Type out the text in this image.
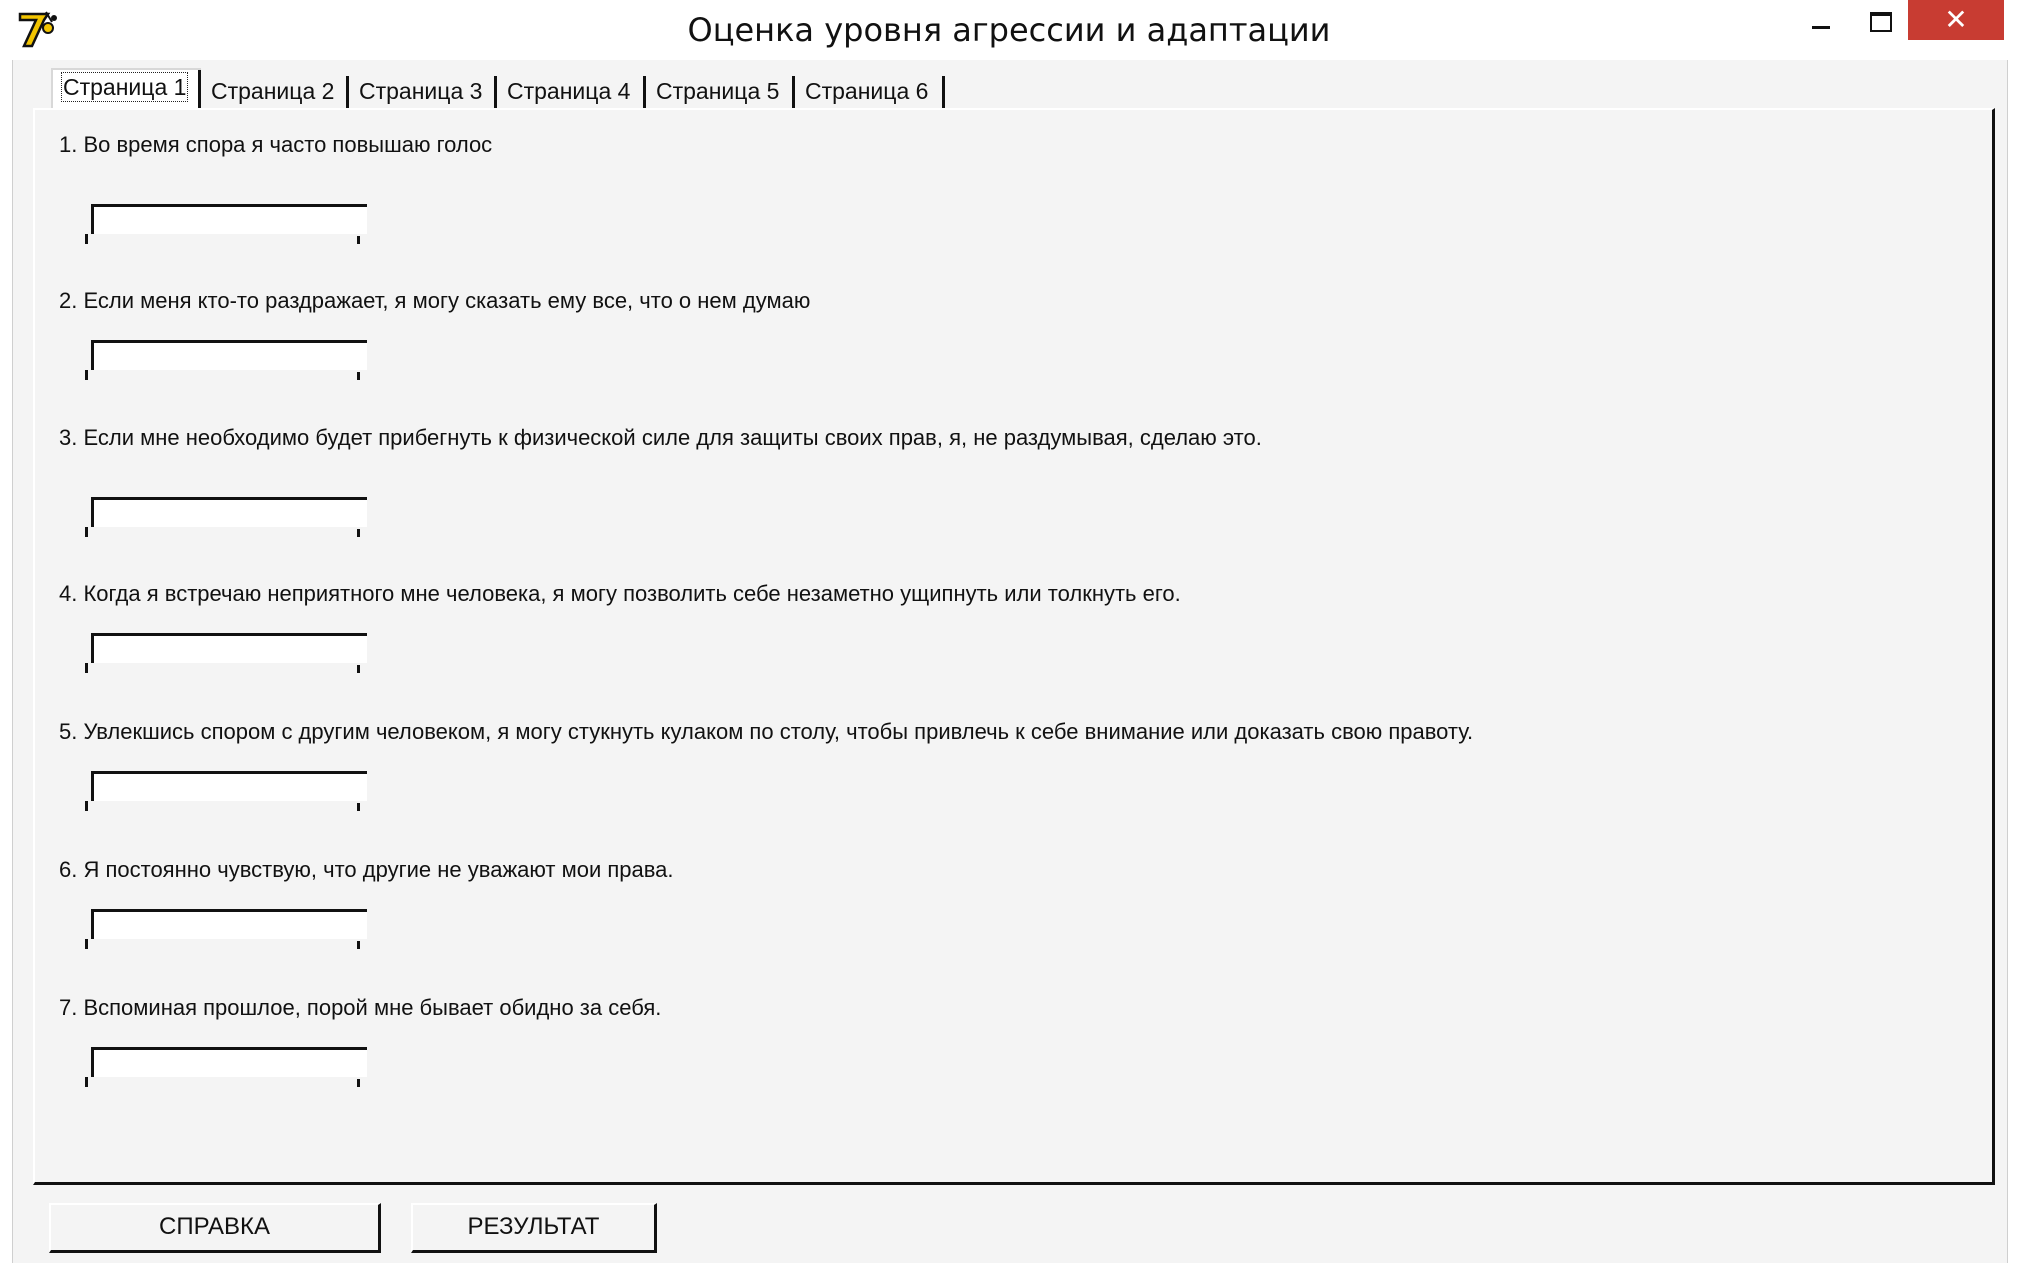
Оценка уровня агрессии и адаптации	✕
Страница 1	Страница 2	Страница 3	Страница 4	Страница 5	Страница 6
1. Во время спора я часто повышаю голос
2. Если меня кто-то раздражает, я могу сказать ему все, что о нем думаю
3. Если мне необходимо будет прибегнуть к физической силе для защиты своих прав, я, не раздумывая, сделаю это.
4. Когда я встречаю неприятного мне человека, я могу позволить себе незаметно ущипнуть или толкнуть его.
5. Увлекшись спором с другим человеком, я могу стукнуть кулаком по столу, чтобы привлечь к себе внимание или доказать свою правоту.
6. Я постоянно чувствую, что другие не уважают мои права.
7. Вспоминая прошлое, порой мне бывает обидно за себя.
СПРАВКА	РЕЗУЛЬТАТ
